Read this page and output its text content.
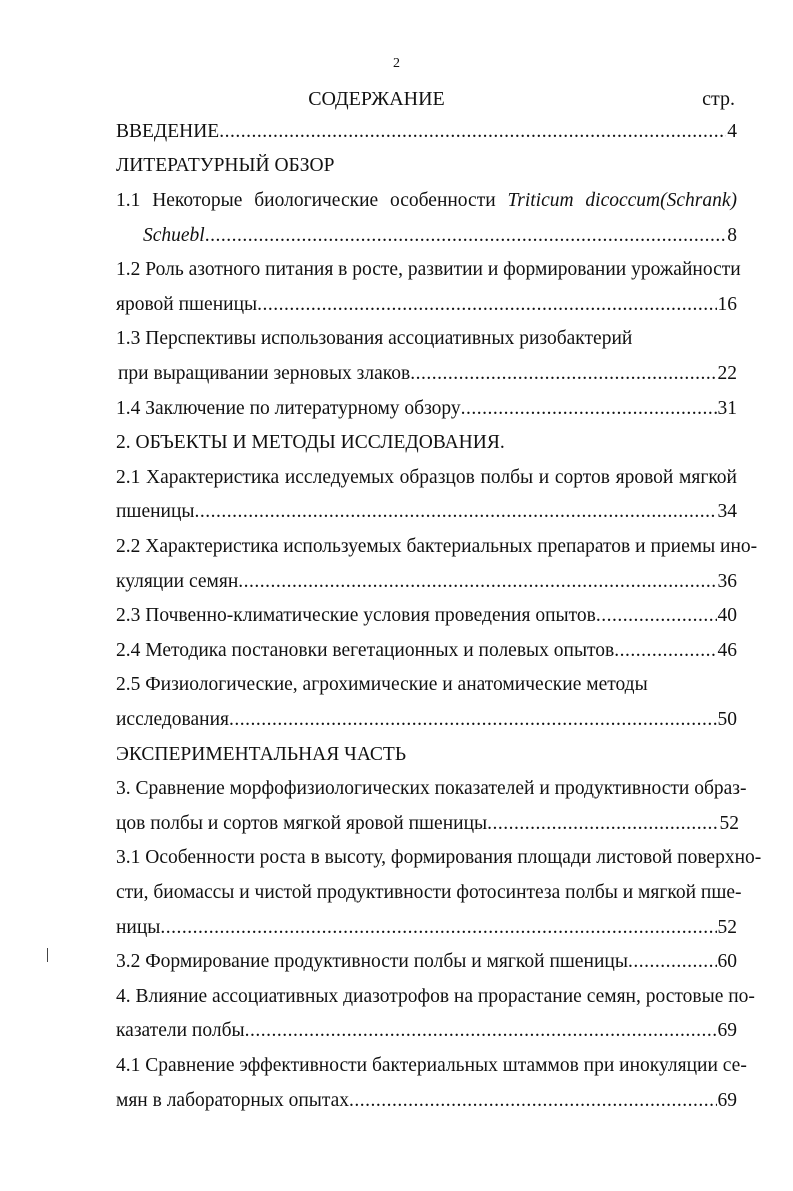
2
СОДЕРЖАНИЕ	стр.
ВВЕДЕНИЕ .....	4
ЛИТЕРАТУРНЫЙ ОБЗОР
1.1 Некоторые биологические особенности Triticum dicoccum(Schrank)
Schuebl .....	8
1.2 Роль азотного питания в росте, развитии и формировании урожайности
яровой пшеницы .....	16
1.3 Перспективы использования ассоциативных ризобактерий
при выращивании зерновых злаков .....	22
1.4 Заключение по литературному обзору .....	31
2. ОБЪЕКТЫ И МЕТОДЫ ИССЛЕДОВАНИЯ.
2.1 Характеристика исследуемых образцов полбы и сортов яровой мягкой
пшеницы .....	34
2.2 Характеристика используемых бактериальных препаратов и приемы ино-
куляции семян .....	36
2.3 Почвенно-климатические условия проведения опытов .....	40
2.4 Методика постановки вегетационных и полевых опытов .....	46
2.5 Физиологические, агрохимические и анатомические методы
исследования .....	50
ЭКСПЕРИМЕНТАЛЬНАЯ ЧАСТЬ
3. Сравнение морфофизиологических показателей и продуктивности образ-
цов полбы и сортов мягкой яровой пшеницы .....	52
3.1 Особенности роста в высоту, формирования площади листовой поверхно-
сти, биомассы и чистой продуктивности фотосинтеза полбы и мягкой пше-
ницы .....	52
3.2 Формирование продуктивности полбы и мягкой пшеницы .....	60
4. Влияние ассоциативных диазотрофов на прорастание семян, ростовые по-
казатели полбы .....	69
4.1 Сравнение эффективности бактериальных штаммов при инокуляции се-
мян в лабораторных опытах .....	69
